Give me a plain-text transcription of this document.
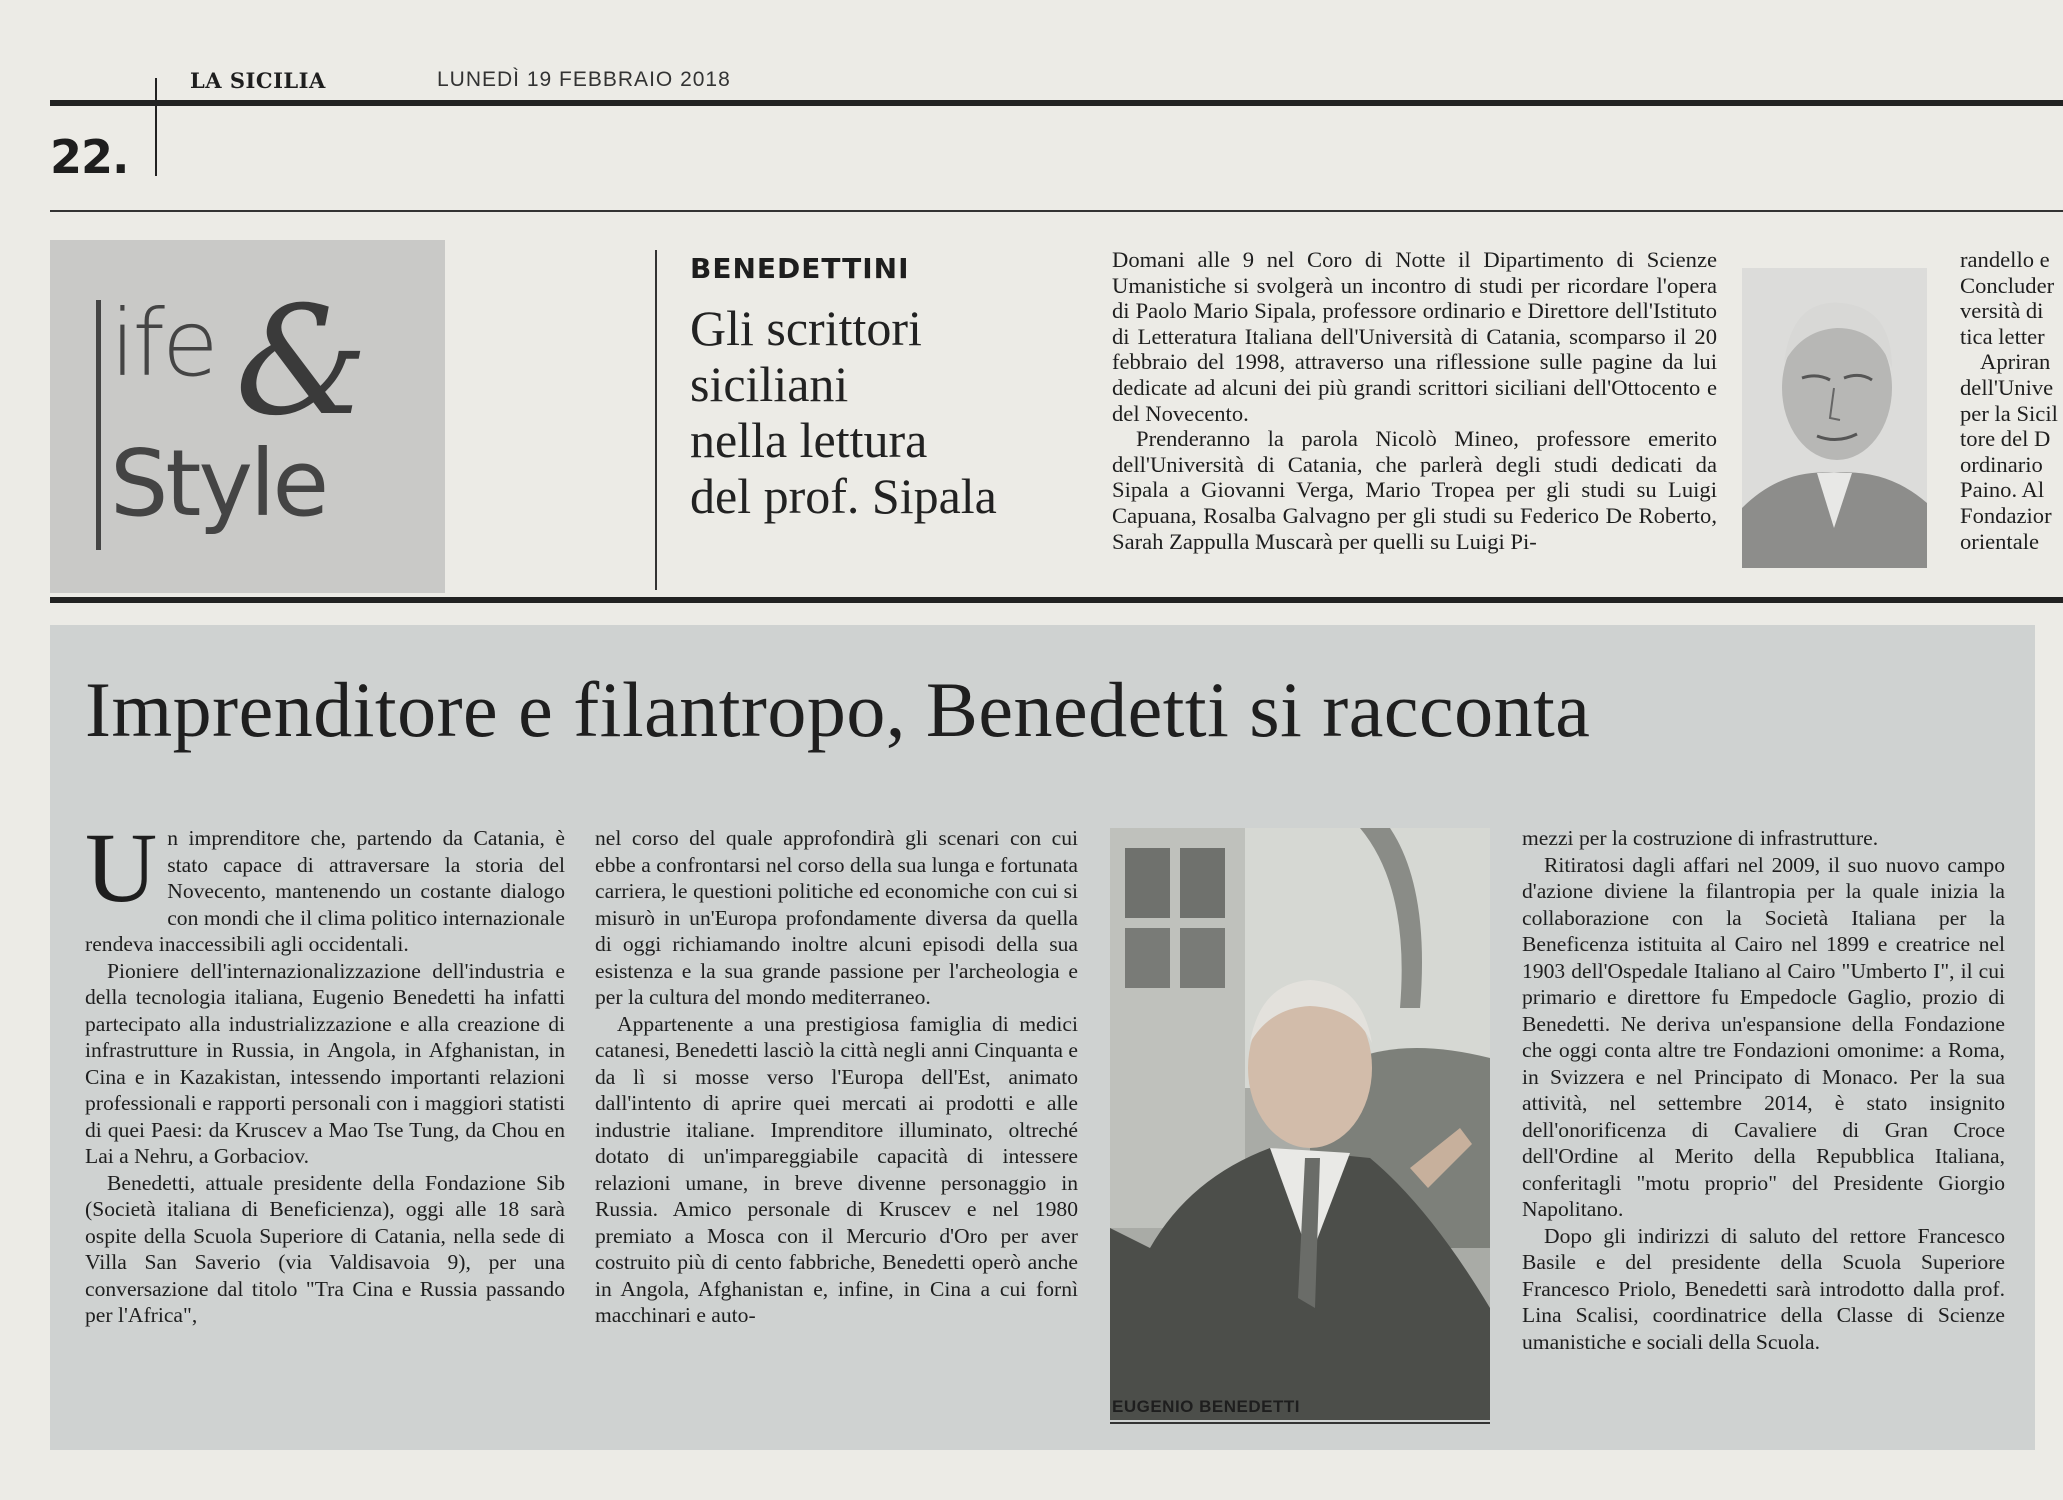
LA SICILIA	LUNEDÌ 19 FEBBRAIO 2018
22.
ife &
Style
BENEDETTINI
Gli scrittori
siciliani
nella lettura
del prof. Sipala

Domani alle 9 nel Coro di Notte il Dipartimento di Scienze Umanistiche si svolgerà un incontro di studi per ricordare l'opera di Paolo Mario Sipala, professore ordinario e Direttore dell'Istituto di Letteratura Italiana dell'Università di Catania, scomparso il 20 febbraio del 1998, attraverso una riflessione sulle pagine da lui dedicate ad alcuni dei più grandi scrittori siciliani dell'Ottocento e del Novecento.

Prenderanno la parola Nicolò Mineo, professore emerito dell'Università di Catania, che parlerà degli studi dedicati da Sipala a Giovanni Verga, Mario Tropea per gli studi su Luigi Capuana, Rosalba Galvagno per gli studi su Federico De Roberto, Sarah Zappulla Muscarà per quelli su Luigi Pi-

randello e
Concluder
versità di
tica letter
Apriran
dell'Unive
per la Sicil
tore del D
ordinario
Paino. Al
Fondazior
orientale
Imprenditore e filantropo, Benedetti si racconta

Un imprenditore che, partendo da Catania, è stato capace di attraversare la storia del Novecento, mantenendo un costante dialogo con mondi che il clima politico internazionale rendeva inaccessibili agli occidentali.

Pioniere dell'internazionalizzazione dell'industria e della tecnologia italiana, Eugenio Benedetti ha infatti partecipato alla industrializzazione e alla creazione di infrastrutture in Russia, in Angola, in Afghanistan, in Cina e in Kazakistan, intessendo importanti relazioni professionali e rapporti personali con i maggiori statisti di quei Paesi: da Kruscev a Mao Tse Tung, da Chou en Lai a Nehru, a Gorbaciov.

Benedetti, attuale presidente della Fondazione Sib (Società italiana di Beneficienza), oggi alle 18 sarà ospite della Scuola Superiore di Catania, nella sede di Villa San Saverio (via Valdisavoia 9), per una conversazione dal titolo "Tra Cina e Russia passando per l'Africa",

nel corso del quale approfondirà gli scenari con cui ebbe a confrontarsi nel corso della sua lunga e fortunata carriera, le questioni politiche ed economiche con cui si misurò in un'Europa profondamente diversa da quella di oggi richiamando inoltre alcuni episodi della sua esistenza e la sua grande passione per l'archeologia e per la cultura del mondo mediterraneo.

Appartenente a una prestigiosa famiglia di medici catanesi, Benedetti lasciò la città negli anni Cinquanta e da lì si mosse verso l'Europa dell'Est, animato dall'intento di aprire quei mercati ai prodotti e alle industrie italiane. Imprenditore illuminato, oltreché dotato di un'impareggiabile capacità di intessere relazioni umane, in breve divenne personaggio in Russia. Amico personale di Kruscev e nel 1980 premiato a Mosca con il Mercurio d'Oro per aver costruito più di cento fabbriche, Benedetti operò anche in Angola, Afghanistan e, infine, in Cina a cui fornì macchinari e auto-

EUGENIO BENEDETTI

mezzi per la costruzione di infrastrutture.

Ritiratosi dagli affari nel 2009, il suo nuovo campo d'azione diviene la filantropia per la quale inizia la collaborazione con la Società Italiana per la Beneficenza istituita al Cairo nel 1899 e creatrice nel 1903 dell'Ospedale Italiano al Cairo "Umberto I", il cui primario e direttore fu Empedocle Gaglio, prozio di Benedetti. Ne deriva un'espansione della Fondazione che oggi conta altre tre Fondazioni omonime: a Roma, in Svizzera e nel Principato di Monaco. Per la sua attività, nel settembre 2014, è stato insignito dell'onorificenza di Cavaliere di Gran Croce dell'Ordine al Merito della Repubblica Italiana, conferitagli "motu proprio" del Presidente Giorgio Napolitano.

Dopo gli indirizzi di saluto del rettore Francesco Basile e del presidente della Scuola Superiore Francesco Priolo, Benedetti sarà introdotto dalla prof. Lina Scalisi, coordinatrice della Classe di Scienze umanistiche e sociali della Scuola.
